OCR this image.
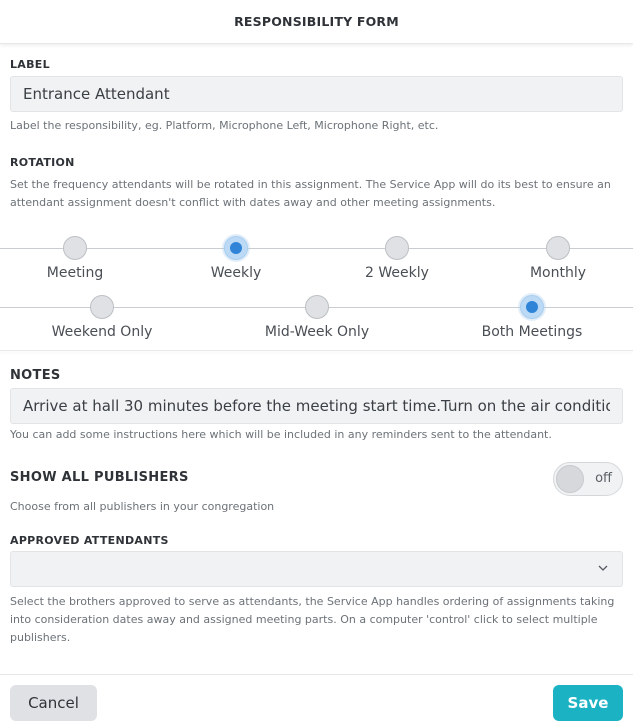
RESPONSIBILITY FORM
LABEL
Entrance Attendant
Label the responsibility, eg. Platform, Microphone Left, Microphone Right, etc.
ROTATION
Set the frequency attendants will be rotated in this assignment. The Service App will do its best to ensure an attendant assignment doesn't conflict with dates away and other meeting assignments.
Meeting	Weekly	2 Weekly	Monthly
Weekend Only	Mid-Week Only	Both Meetings
NOTES
Arrive at hall 30 minutes before the meeting start time.Turn on the air conditioning
You can add some instructions here which will be included in any reminders sent to the attendant.
SHOW ALL PUBLISHERS	off
Choose from all publishers in your congregation
APPROVED ATTENDANTS
Select the brothers approved to serve as attendants, the Service App handles ordering of assignments taking into consideration dates away and assigned meeting parts. On a computer 'control' click to select multiple publishers.
Cancel	Save
